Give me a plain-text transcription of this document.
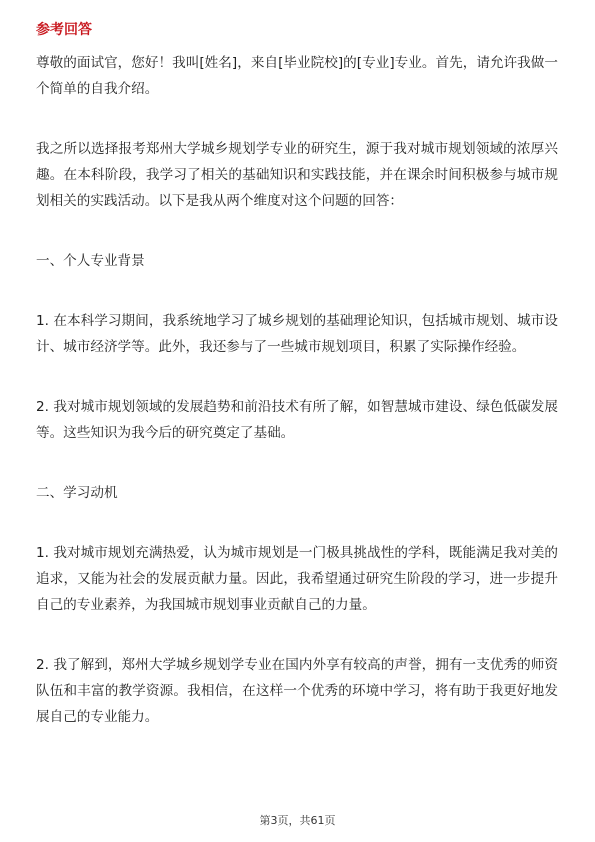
参考回答

尊敬的面试官，您好！我叫[姓名]，来自[毕业院校]的[专业]专业。首先，请允许我做一个简单的自我介绍。

我之所以选择报考郑州大学城乡规划学专业的研究生，源于我对城市规划领域的浓厚兴趣。在本科阶段，我学习了相关的基础知识和实践技能，并在课余时间积极参与城市规划相关的实践活动。以下是我从两个维度对这个问题的回答：

一、个人专业背景

1. 在本科学习期间，我系统地学习了城乡规划的基础理论知识，包括城市规划、城市设计、城市经济学等。此外，我还参与了一些城市规划项目，积累了实际操作经验。

2. 我对城市规划领域的发展趋势和前沿技术有所了解，如智慧城市建设、绿色低碳发展等。这些知识为我今后的研究奠定了基础。

二、学习动机

1. 我对城市规划充满热爱，认为城市规划是一门极具挑战性的学科，既能满足我对美的追求，又能为社会的发展贡献力量。因此，我希望通过研究生阶段的学习，进一步提升自己的专业素养，为我国城市规划事业贡献自己的力量。

2. 我了解到，郑州大学城乡规划学专业在国内外享有较高的声誉，拥有一支优秀的师资队伍和丰富的教学资源。我相信，在这样一个优秀的环境中学习，将有助于我更好地发展自己的专业能力。

第3页，共61页
